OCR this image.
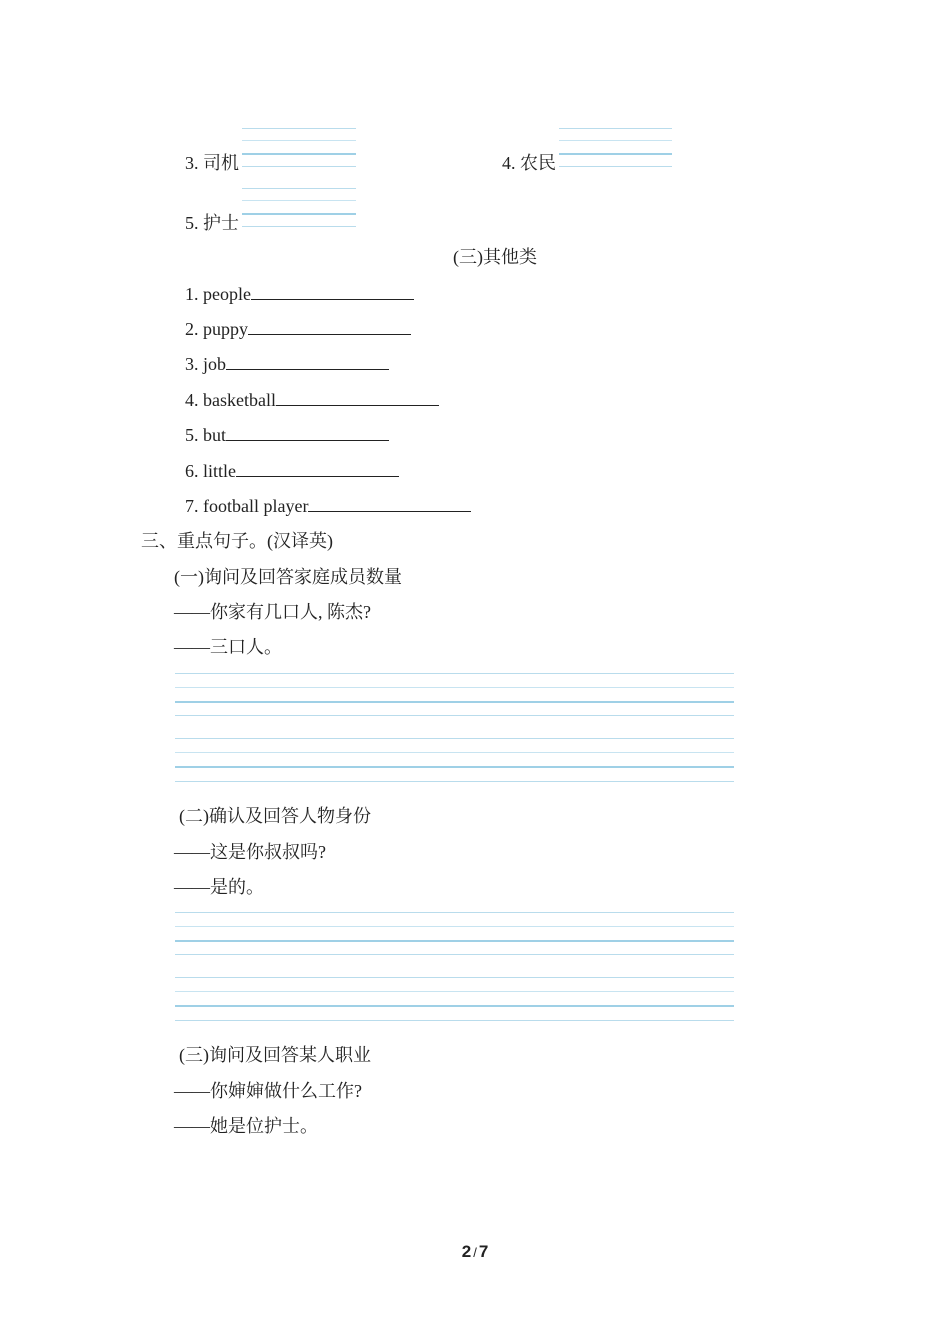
3. 司机	4. 农民
5. 护士
(三)其他类
1. people
2. puppy
3. job
4. basketball
5. but
6. little
7. football player
三、重点句子。(汉译英)
(一)询问及回答家庭成员数量
——你家有几口人, 陈杰?
——三口人。
(二)确认及回答人物身份
——这是你叔叔吗?
——是的。
(三)询问及回答某人职业
——你婶婶做什么工作?
——她是位护士。
2 / 7
